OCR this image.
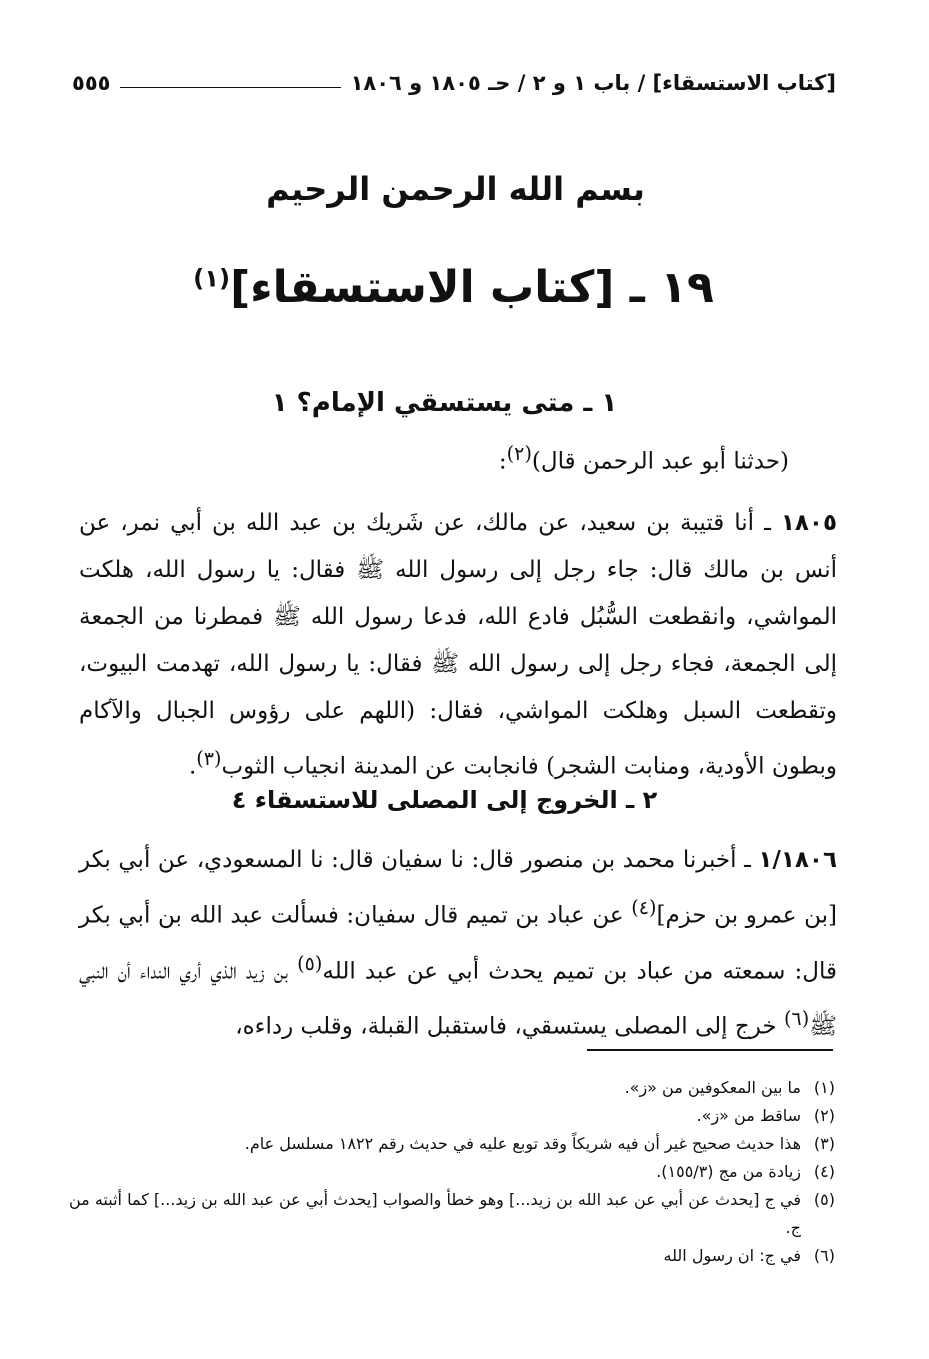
[كتاب الاستسقاء] / باب ١ و ٢ / حـ ١٨٠٥ و ١٨٠٦
٥٥٥
بسم الله الرحمن الرحيم
١٩ ـ [كتاب الاستسقاء]$^{(١)}$
١ ـ متى يستسقي الإمام؟ ١
(حدثنا أبو عبد الرحمن قال)$^{(٢)}$:
١٨٠٥ ـ أنا قتيبة بن سعيد، عن مالك، عن شَريك بن عبد الله بن أبي نمر، عن أنس بن مالك قال: جاء رجل إلى رسول الله ﷺ فقال: يا رسول الله، هلكت المواشي، وانقطعت السُّبُل فادع الله، فدعا رسول الله ﷺ فمطرنا من الجمعة إلى الجمعة، فجاء رجل إلى رسول الله ﷺ فقال: يا رسول الله، تهدمت البيوت، وتقطعت السبل وهلكت المواشي، فقال: (اللهم على رؤوس الجبال والآكام وبطون الأودية، ومنابت الشجر) فانجابت عن المدينة انجياب الثوب$^{(٣)}$.
٢ ـ الخروج إلى المصلى للاستسقاء ٤
١/١٨٠٦ ـ أخبرنا محمد بن منصور قال: نا سفيان قال: نا المسعودي، عن أبي بكر [بن عمرو بن حزم]$^{(٤)}$ عن عباد بن تميم قال سفيان: فسألت عبد الله بن أبي بكر قال: سمعته من عباد بن تميم يحدث أبي عن عبد الله$^{(٥)}$ بن زيد الذي أري النداء أن النبي ﷺ$^{(٦)}$ خرج إلى المصلى يستسقي، فاستقبل القبلة، وقلب رداءه،
(١)
ما بين المعكوفين من «ز».
(٢)
ساقط من «ز».
(٣)
هذا حديث صحيح غير أن فيه شريكاً وقد توبع عليه في حديث رقم ١٨٢٢ مسلسل عام.
(٤)
زيادة من مج (١٥٥/٣).
(٥)
في ج [يحدث عن أبي عن عبد الله بن زيد...] وهو خطأ والصواب [يحدث أبي عن عبد الله بن زيد...] كما أثبته من ج.
(٦)
في ج: ان رسول الله
